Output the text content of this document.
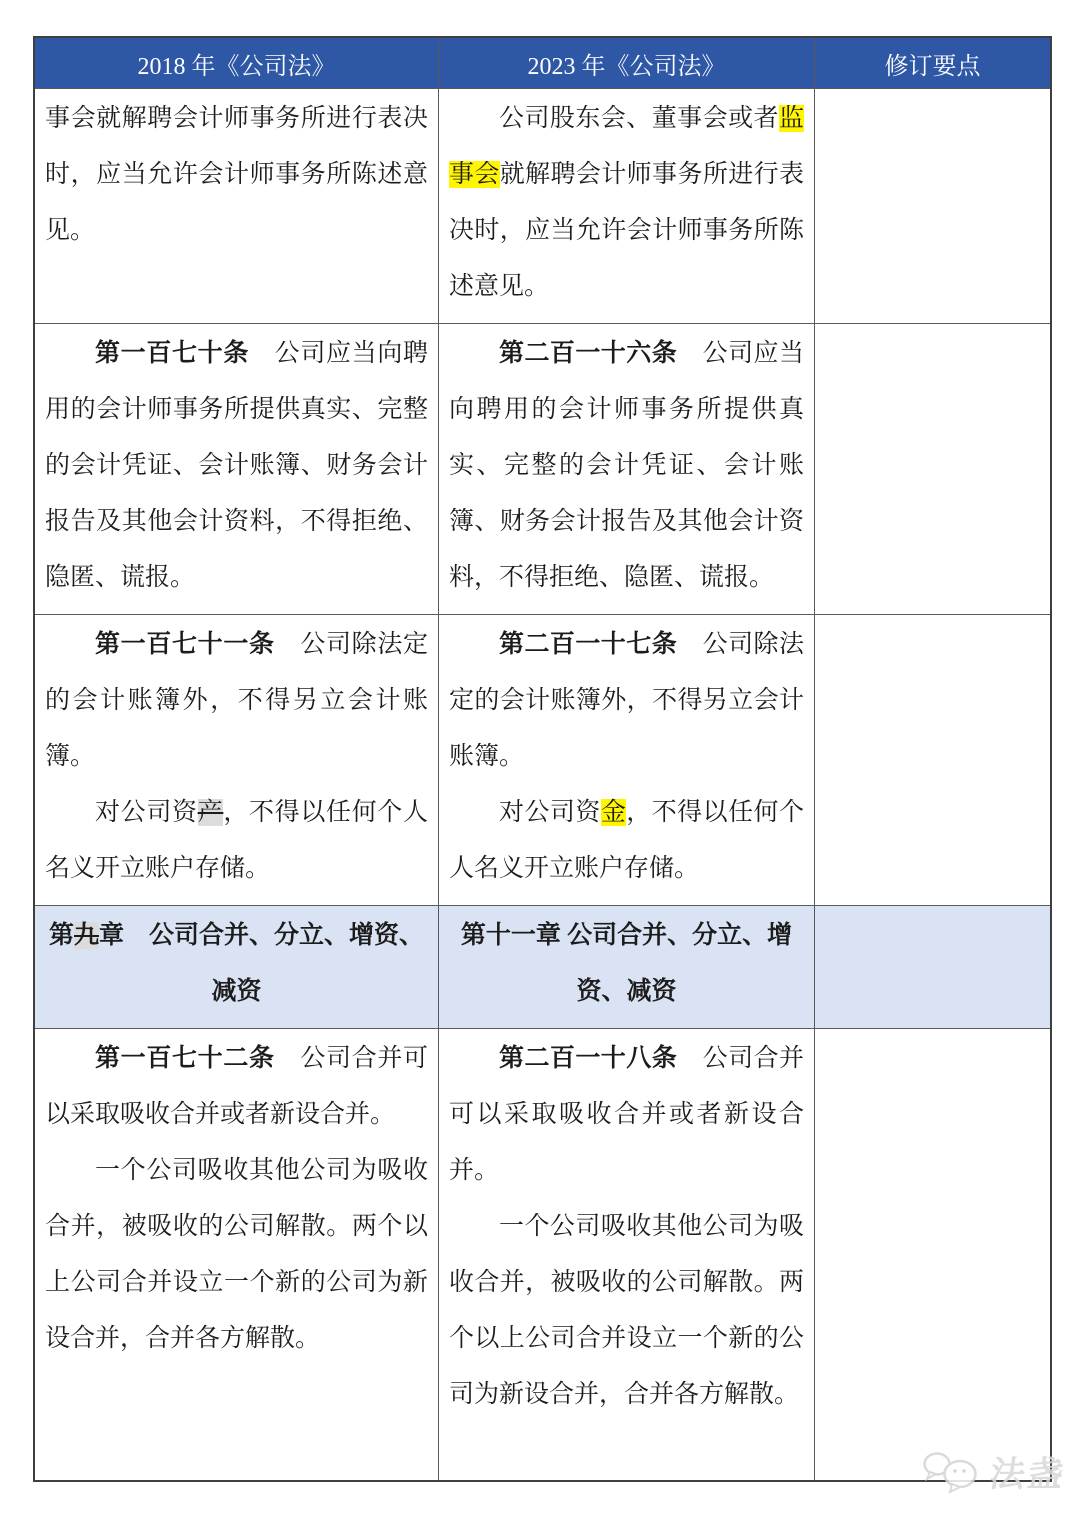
2018 年《公司法》	2023 年《公司法》	修订要点

事会就解聘会计师事务所进行表决时，应当允许会计师事务所陈述意见。

公司股东会、董事会或者监事会就解聘会计师事务所进行表决时，应当允许会计师事务所陈述意见。

第一百七十条　公司应当向聘用的会计师事务所提供真实、完整的会计凭证、会计账簿、财务会计报告及其他会计资料，不得拒绝、隐匿、谎报。

第二百一十六条　公司应当向聘用的会计师事务所提供真实、完整的会计凭证、会计账簿、财务会计报告及其他会计资料，不得拒绝、隐匿、谎报。

第一百七十一条　公司除法定的会计账簿外，不得另立会计账簿。

对公司资产，不得以任何个人名义开立账户存储。

第二百一十七条　公司除法定的会计账簿外，不得另立会计账簿。

对公司资金，不得以任何个人名义开立账户存储。

第九章　公司合并、分立、增资、减资

第十一章 公司合并、分立、增资、减资

第一百七十二条　公司合并可以采取吸收合并或者新设合并。

一个公司吸收其他公司为吸收合并，被吸收的公司解散。两个以上公司合并设立一个新的公司为新设合并，合并各方解散。

第二百一十八条　公司合并可以采取吸收合并或者新设合并。

一个公司吸收其他公司为吸收合并，被吸收的公司解散。两个以上公司合并设立一个新的公司为新设合并，合并各方解散。

法盏
